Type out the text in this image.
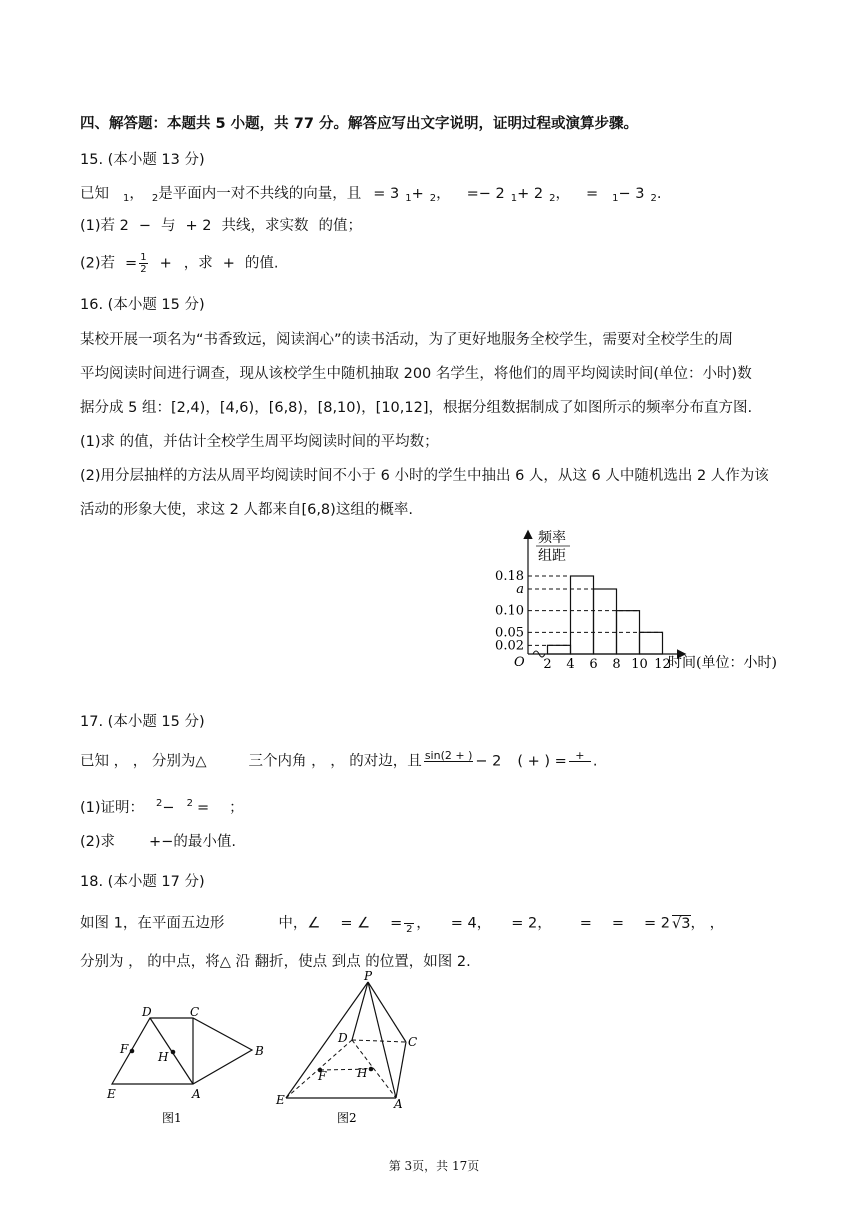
四、解答题：本题共 5 小题，共 77 分。解答应写出文字说明，证明过程或演算步骤。
15. (本小题 13 分)
已知 $_1$， $_2$是平面内一对不共线的向量，且 = 3 $_1$+ $_2$， =− 2 $_1$+ 2 $_2$， = $_1$− 3 $_2$.
(1)若 2 − 与 + 2 共线，求实数 的值；
(2)若 = $\frac{1}{2}$ + ，求 + 的值.
16. (本小题 15 分)
某校开展一项名为“书香致远，阅读润心”的读书活动，为了更好地服务全校学生，需要对全校学生的周
平均阅读时间进行调查，现从该校学生中随机抽取 200 名学生，将他们的周平均阅读时间(单位：小时)数
据分成 5 组：[2,4)，[4,6)，[6,8)，[8,10)，[10,12]，根据分组数据制成了如图所示的频率分布直方图.
(1)求 的值，并估计全校学生周平均阅读时间的平均数；
(2)用分层抽样的方法从周平均阅读时间不小于 6 小时的学生中抽出 6 人，从这 6 人中随机选出 2 人作为该
活动的形象大使，求这 2 人都来自[6,8)这组的概率.
频率
组距
时间(单位：小时)
O
0.18
a
0.10
0.05
0.02
2 4 6 8 10 12
17. (本小题 15 分)
已知 ， ， 分别为△	三个内角 ， ， 的对边，且 sin(2 + ) − 2 ( + ) = + .
(1)证明： $^2$− $^2$ = ；
(2)求 +−的最小值.
18. (本小题 17 分)
如图 1，在平面五边形	中，∠ = ∠ = 2 ， = 4， = 2， = = = 2 √3， ，
分别为 ， 的中点，将△ 沿 翻折，使点 到点 的位置，如图 2.
D	C
F
H	B
E	A
图1
P
D	C
F	H
E	A
图2
第 3页，共 17页
